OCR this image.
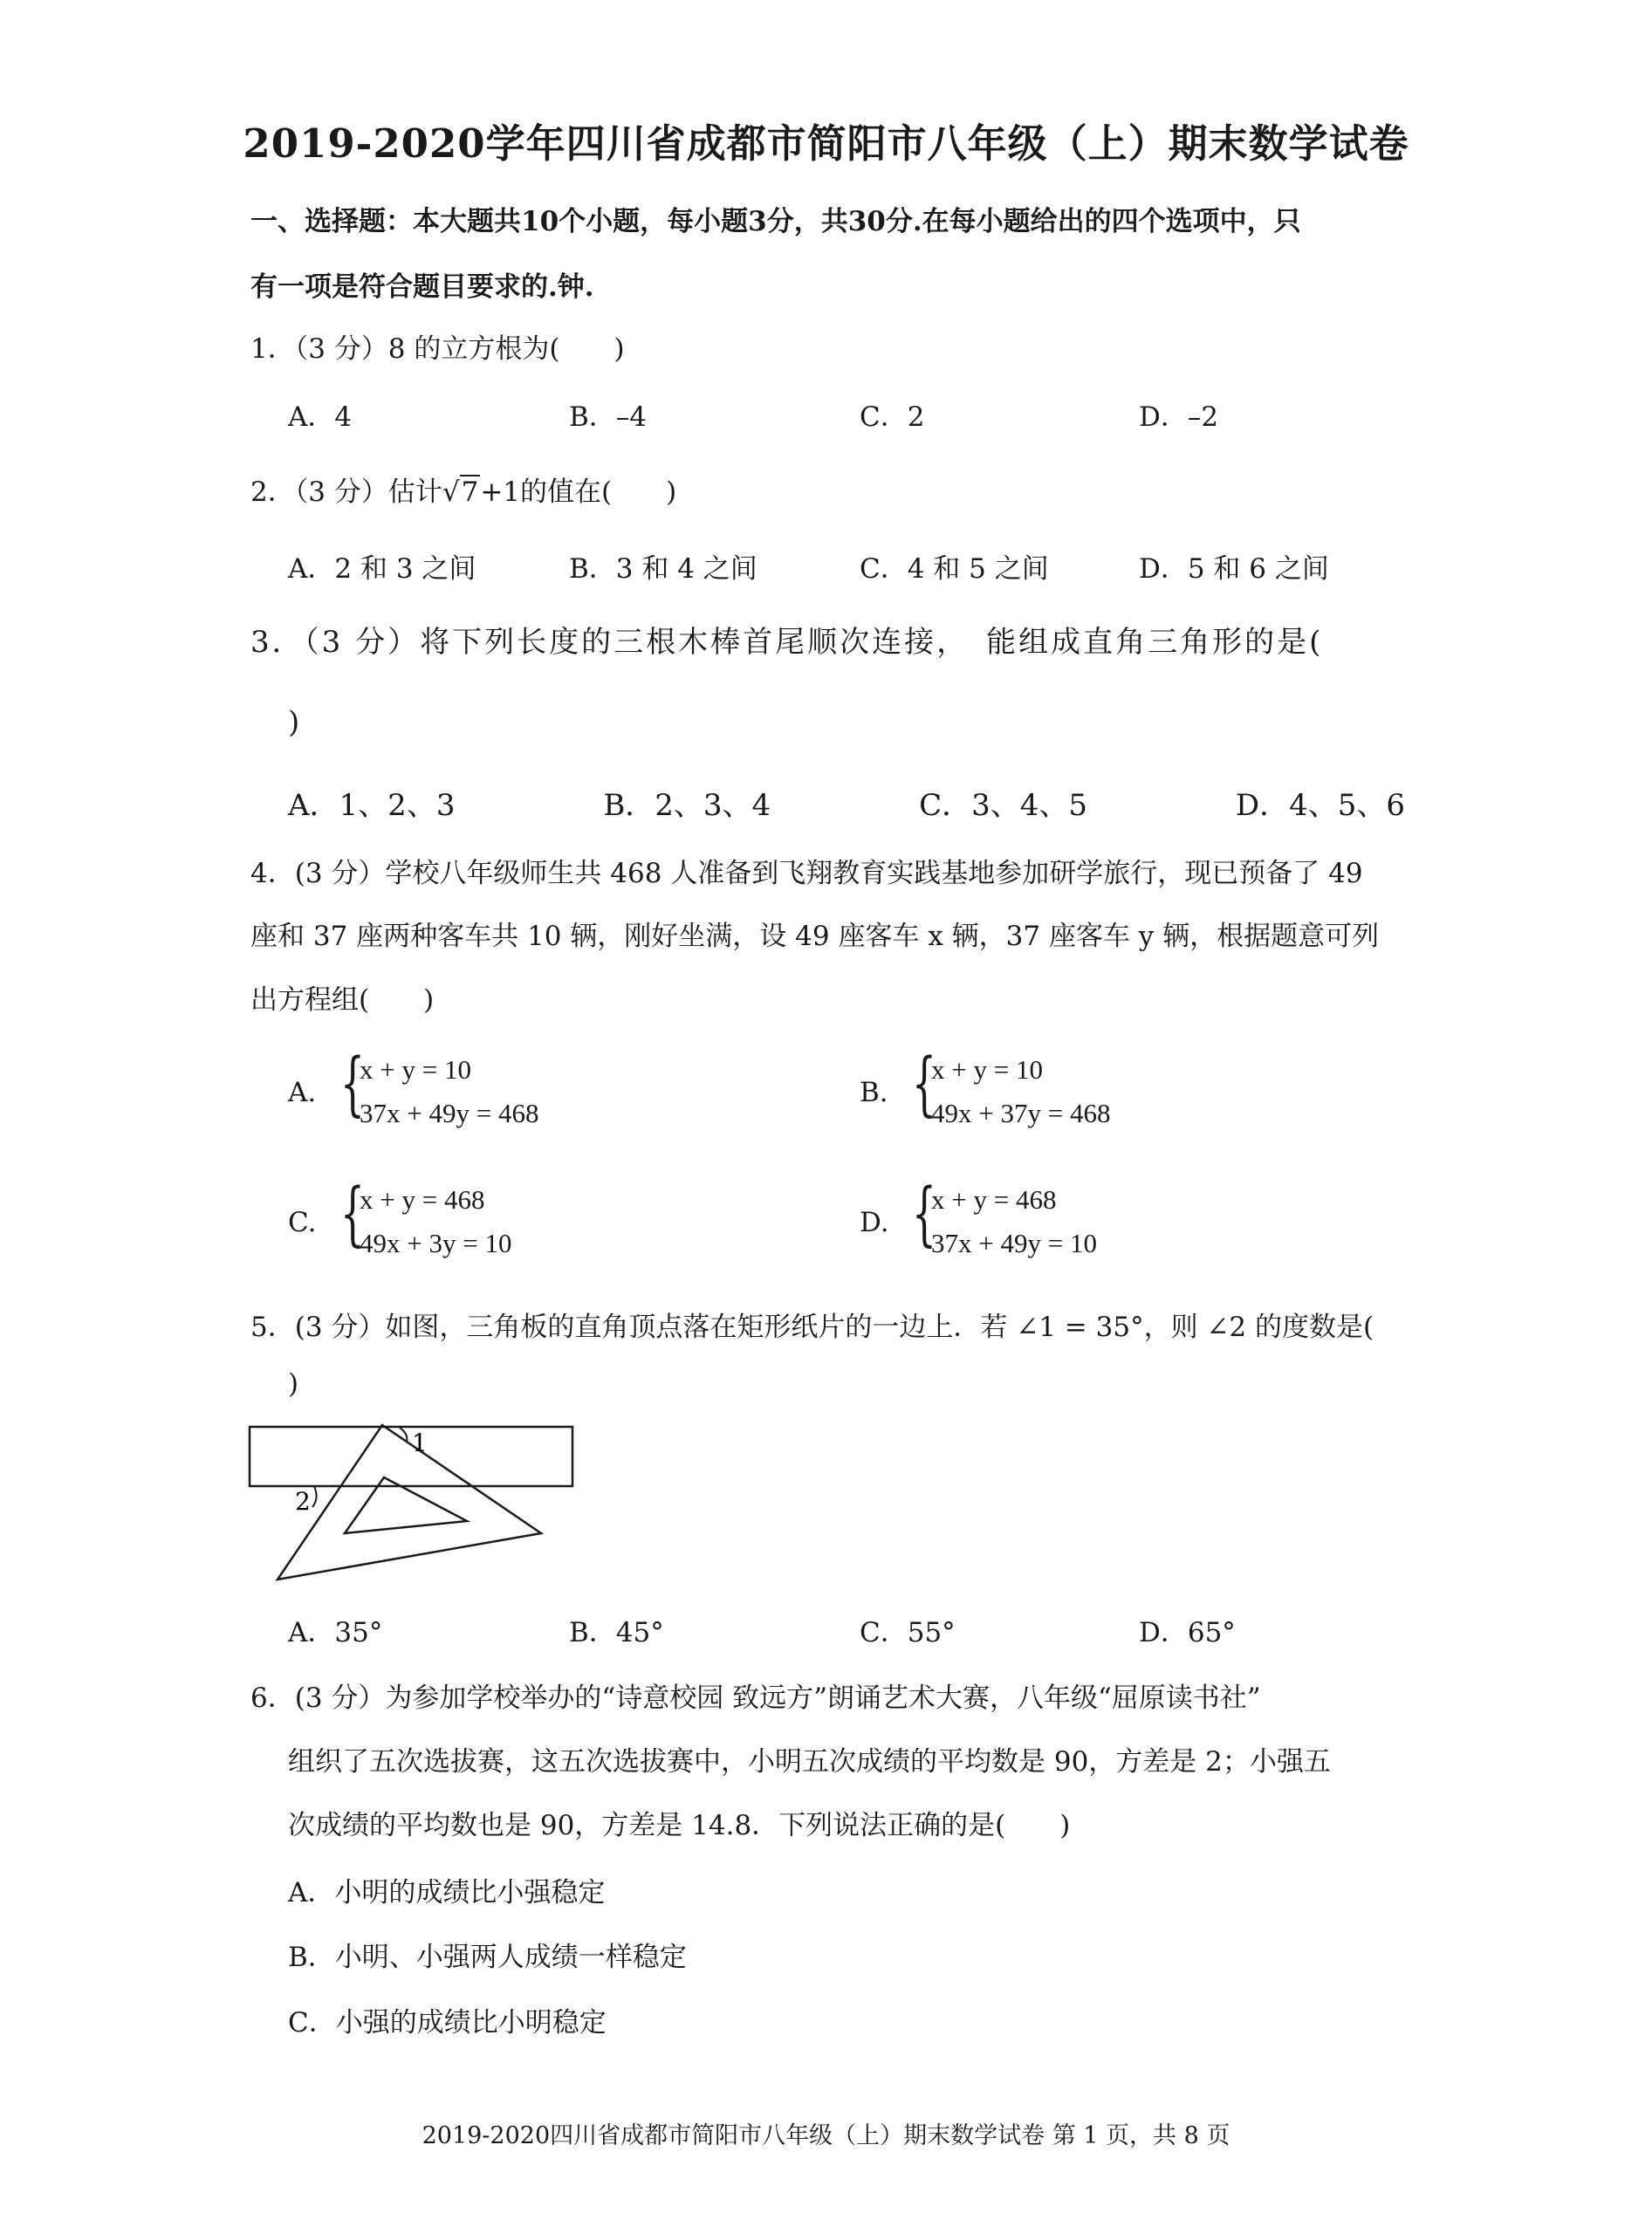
2019-2020学年四川省成都市简阳市八年级（上）期末数学试卷
一、选择题：本大题共10个小题，每小题3分，共30分.在每小题给出的四个选项中，只
有一项是符合题目要求的.钟.
1．（3 分）8 的立方根为(　　)
A．4	B．–4	C．2	D．–2
2．（3 分）估计√7+1的值在(　　)
A．2 和 3 之间	B．3 和 4 之间	C．4 和 5 之间	D．5 和 6 之间
3．（3 分）将下列长度的三根木棒首尾顺次连接，　能组成直角三角形的是(
)
A．1、2、3	B．2、3、4	C．3、4、5	D．4、5、6
4．(3 分）学校八年级师生共 468 人准备到飞翔教育实践基地参加研学旅行，现已预备了 49
座和 37 座两种客车共 10 辆，刚好坐满，设 49 座客车 x 辆，37 座客车 y 辆，根据题意可列
出方程组(　　)
A. {
x + y = 10
37x + 49y = 468
B. {
x + y = 10
49x + 37y = 468
C. {
x + y = 468
49x + 3y = 10
D. {
x + y = 468
37x + 49y = 10
5．(3 分）如图，三角板的直角顶点落在矩形纸片的一边上．若 ∠1 = 35°，则 ∠2 的度数是(
)
1
2
A．35°	B．45°	C．55°	D．65°
6．(3 分）为参加学校举办的“诗意校园 致远方”朗诵艺术大赛，八年级“屈原读书社”
组织了五次选拔赛，这五次选拔赛中，小明五次成绩的平均数是 90，方差是 2；小强五
次成绩的平均数也是 90，方差是 14.8．下列说法正确的是(　　)
A．小明的成绩比小强稳定
B．小明、小强两人成绩一样稳定
C．小强的成绩比小明稳定
2019-2020四川省成都市简阳市八年级（上）期末数学试卷 第 1 页，共 8 页
